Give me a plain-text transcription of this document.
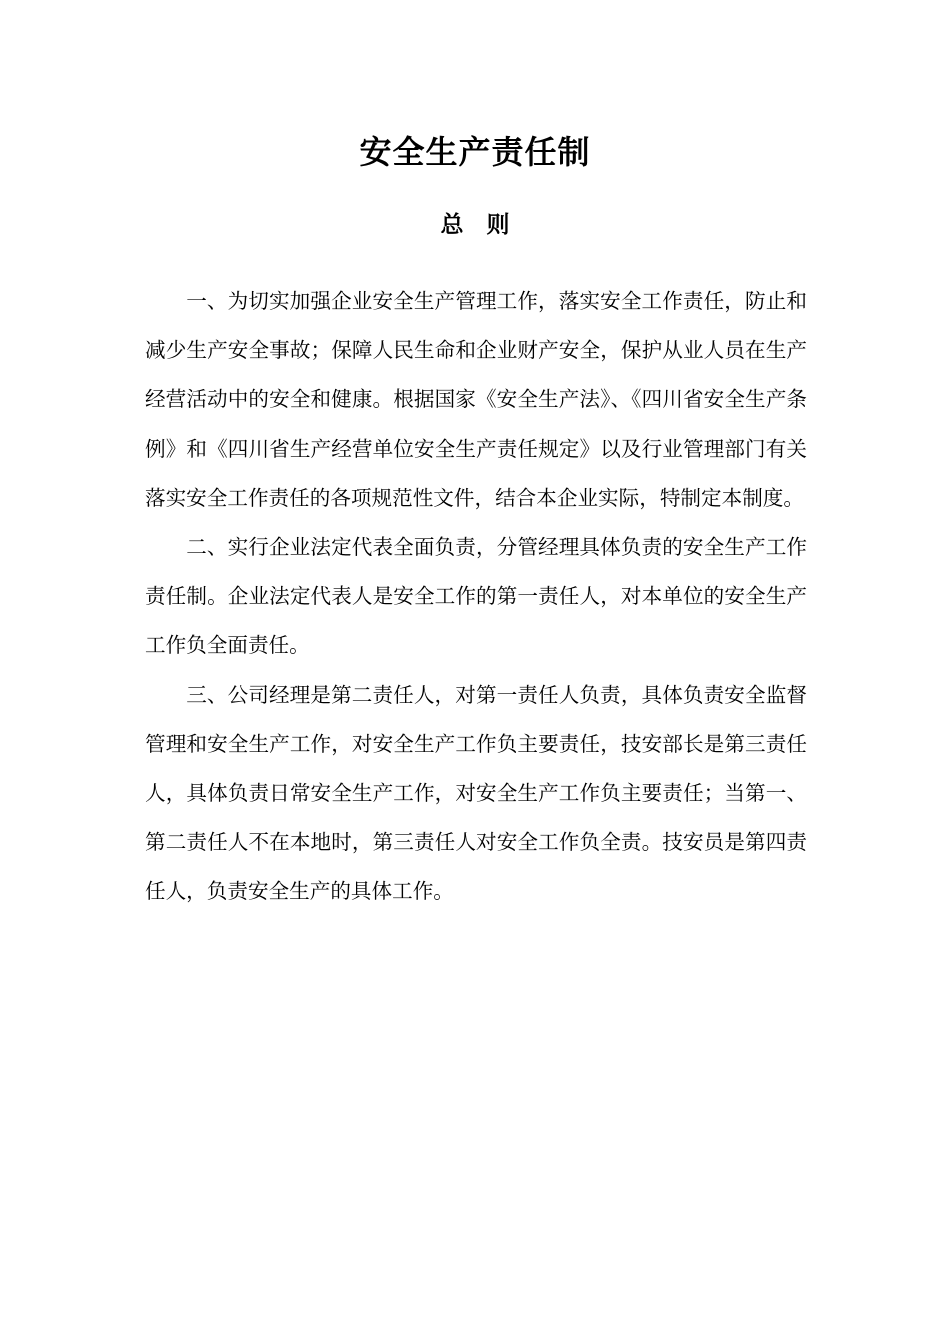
安全生产责任制
总　则

一、为切实加强企业安全生产管理工作，落实安全工作责任，防止和减少生产安全事故；保障人民生命和企业财产安全，保护从业人员在生产经营活动中的安全和健康。根据国家《安全生产法》、《四川省安全生产条例》和《四川省生产经营单位安全生产责任规定》以及行业管理部门有关落实安全工作责任的各项规范性文件，结合本企业实际，特制定本制度。

二、实行企业法定代表全面负责，分管经理具体负责的安全生产工作责任制。企业法定代表人是安全工作的第一责任人，对本单位的安全生产工作负全面责任。

三、公司经理是第二责任人，对第一责任人负责，具体负责安全监督管理和安全生产工作，对安全生产工作负主要责任，技安部长是第三责任人，具体负责日常安全生产工作，对安全生产工作负主要责任；当第一、第二责任人不在本地时，第三责任人对安全工作负全责。技安员是第四责任人，负责安全生产的具体工作。
